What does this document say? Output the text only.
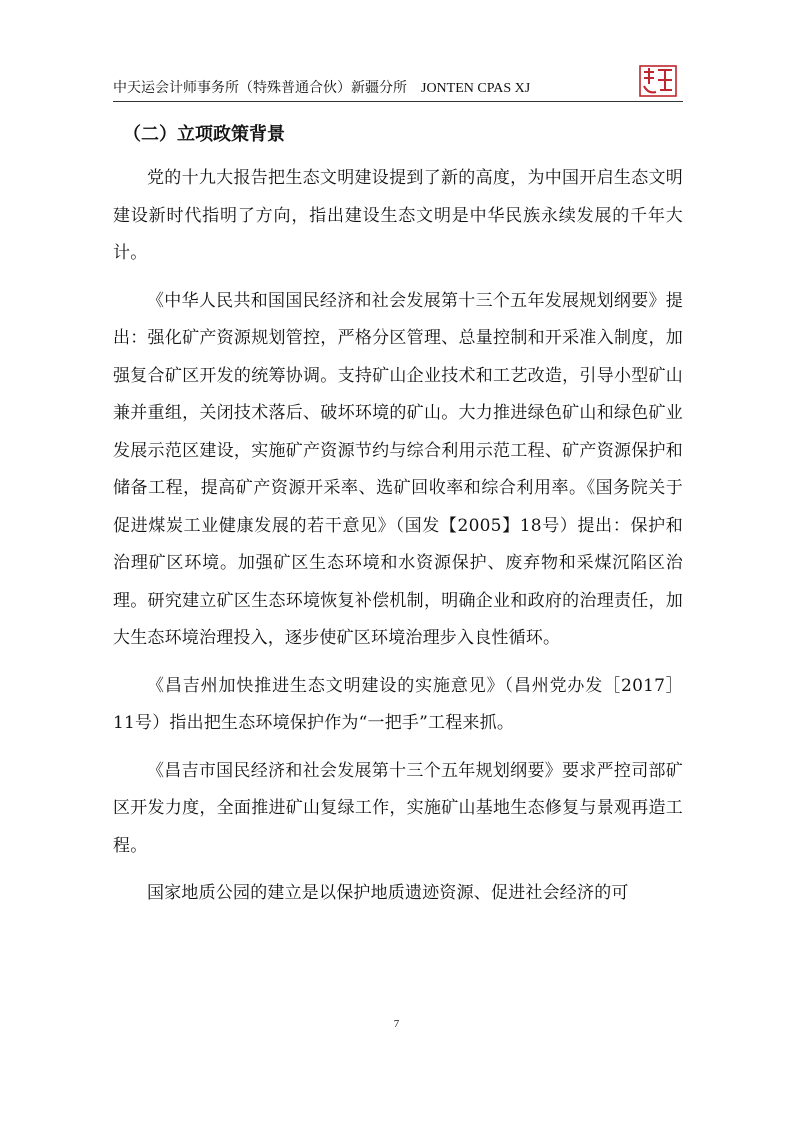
中天运会计师事务所（特殊普通合伙）新疆分所 JONTEN CPAS XJ
（二）立项政策背景

党的十九大报告把生态文明建设提到了新的高度，为中国开启生态文明建设新时代指明了方向，指出建设生态文明是中华民族永续发展的千年大计。

《中华人民共和国国民经济和社会发展第十三个五年发展规划纲要》提出：强化矿产资源规划管控，严格分区管理、总量控制和开采准入制度，加强复合矿区开发的统筹协调。支持矿山企业技术和工艺改造，引导小型矿山兼并重组，关闭技术落后、破坏环境的矿山。大力推进绿色矿山和绿色矿业发展示范区建设，实施矿产资源节约与综合利用示范工程、矿产资源保护和储备工程，提高矿产资源开采率、选矿回收率和综合利用率。《国务院关于促进煤炭工业健康发展的若干意见》（国发【2005】18号）提出：保护和治理矿区环境。加强矿区生态环境和水资源保护、废弃物和采煤沉陷区治理。研究建立矿区生态环境恢复补偿机制，明确企业和政府的治理责任，加大生态环境治理投入，逐步使矿区环境治理步入良性循环。

《昌吉州加快推进生态文明建设的实施意见》（昌州党办发［2017］11号）指出把生态环境保护作为“一把手”工程来抓。

《昌吉市国民经济和社会发展第十三个五年规划纲要》要求严控司部矿区开发力度，全面推进矿山复绿工作，实施矿山基地生态修复与景观再造工程。

国家地质公园的建立是以保护地质遗迹资源、促进社会经济的可

7
